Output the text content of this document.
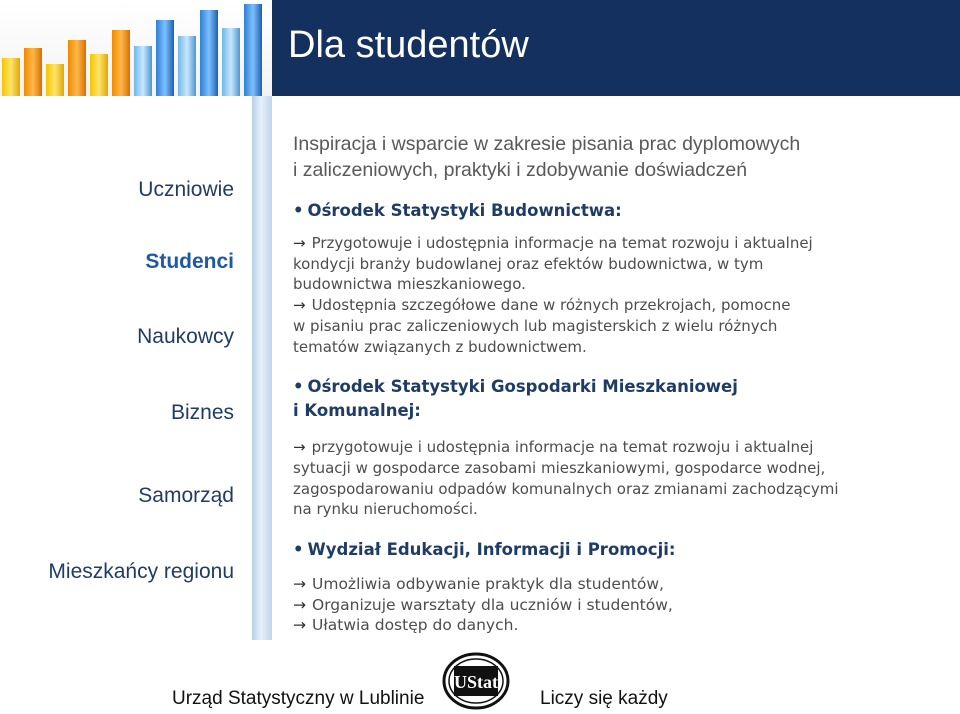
Dla studentów
Uczniowie
Studenci
Naukowcy
Biznes
Samorząd
Mieszkańcy regionu
Inspiracja i wsparcie w zakresie pisania prac dyplomowych
i zaliczeniowych, praktyki i zdobywanie doświadczeń
• Ośrodek Statystyki Budownictwa:
→ Przygotowuje i udostępnia informacje na temat rozwoju i aktualnej
kondycji branży budowlanej oraz efektów budownictwa, w tym
budownictwa mieszkaniowego.
→ Udostępnia szczegółowe dane w różnych przekrojach, pomocne
w pisaniu prac zaliczeniowych lub magisterskich z wielu różnych
tematów związanych z budownictwem.
• Ośrodek Statystyki Gospodarki Mieszkaniowej
i Komunalnej:
→ przygotowuje i udostępnia informacje na temat rozwoju i aktualnej
sytuacji w gospodarce zasobami mieszkaniowymi, gospodarce wodnej,
zagospodarowaniu odpadów komunalnych oraz zmianami zachodzącymi
na rynku nieruchomości.
• Wydział Edukacji, Informacji i Promocji:
→ Umożliwia odbywanie praktyk dla studentów,
→ Organizuje warsztaty dla uczniów i studentów,
→ Ułatwia dostęp do danych.
Urząd Statystyczny w Lublinie
UStat
Liczy się każdy
